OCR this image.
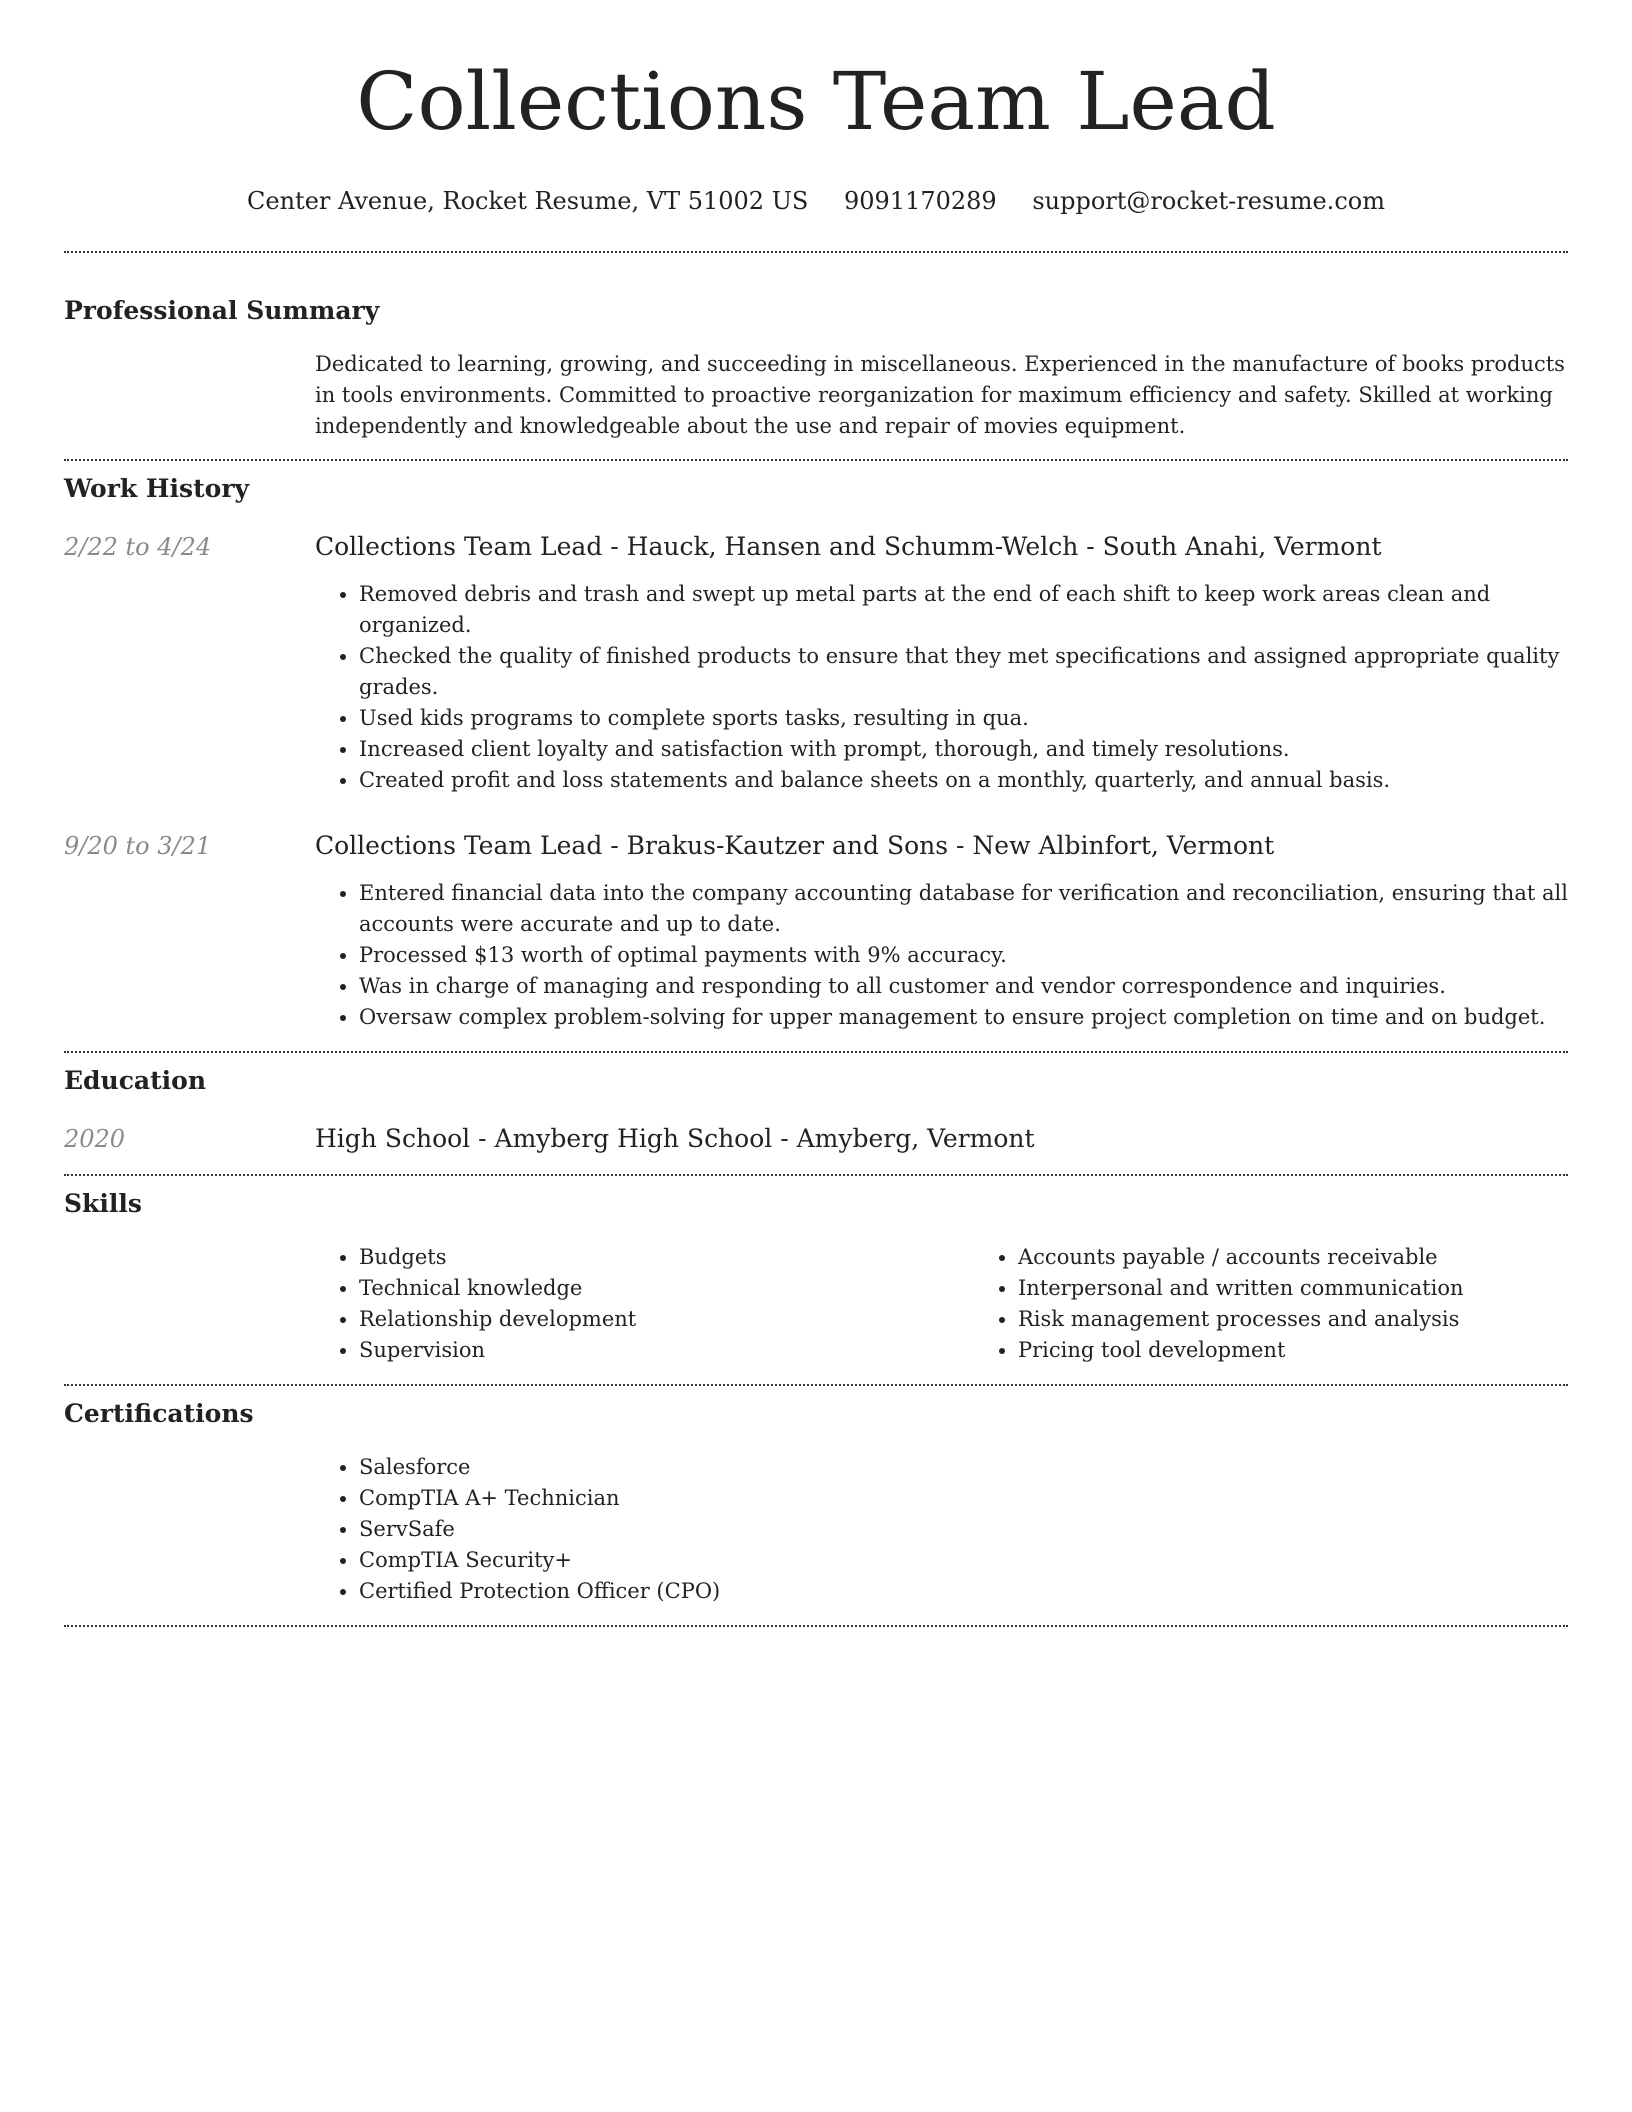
Collections Team Lead
Center Avenue, Rocket Resume, VT 51002 US 9091170289 support@rocket-resume.com
Professional Summary

Dedicated to learning, growing, and succeeding in miscellaneous. Experienced in the manufacture of books products in tools environments. Committed to proactive reorganization for maximum efficiency and safety. Skilled at working independently and knowledgeable about the use and repair of movies equipment.

Work History
2/22 to 4/24	Collections Team Lead - Hauck, Hansen and Schumm-Welch - South Anahi, Vermont
• Removed debris and trash and swept up metal parts at the end of each shift to keep work areas clean and organized.
• Checked the quality of finished products to ensure that they met specifications and assigned appropriate quality grades.
• Used kids programs to complete sports tasks, resulting in qua.
• Increased client loyalty and satisfaction with prompt, thorough, and timely resolutions.
• Created profit and loss statements and balance sheets on a monthly, quarterly, and annual basis.
9/20 to 3/21	Collections Team Lead - Brakus-Kautzer and Sons - New Albinfort, Vermont
• Entered financial data into the company accounting database for verification and reconciliation, ensuring that all accounts were accurate and up to date.
• Processed $13 worth of optimal payments with 9% accuracy.
• Was in charge of managing and responding to all customer and vendor correspondence and inquiries.
• Oversaw complex problem-solving for upper management to ensure project completion on time and on budget.
Education
2020	High School - Amyberg High School - Amyberg, Vermont
Skills
• Budgets
• Technical knowledge
• Relationship development
• Supervision
• Accounts payable / accounts receivable
• Interpersonal and written communication
• Risk management processes and analysis
• Pricing tool development
Certifications
• Salesforce
• CompTIA A+ Technician
• ServSafe
• CompTIA Security+
• Certified Protection Officer (CPO)
